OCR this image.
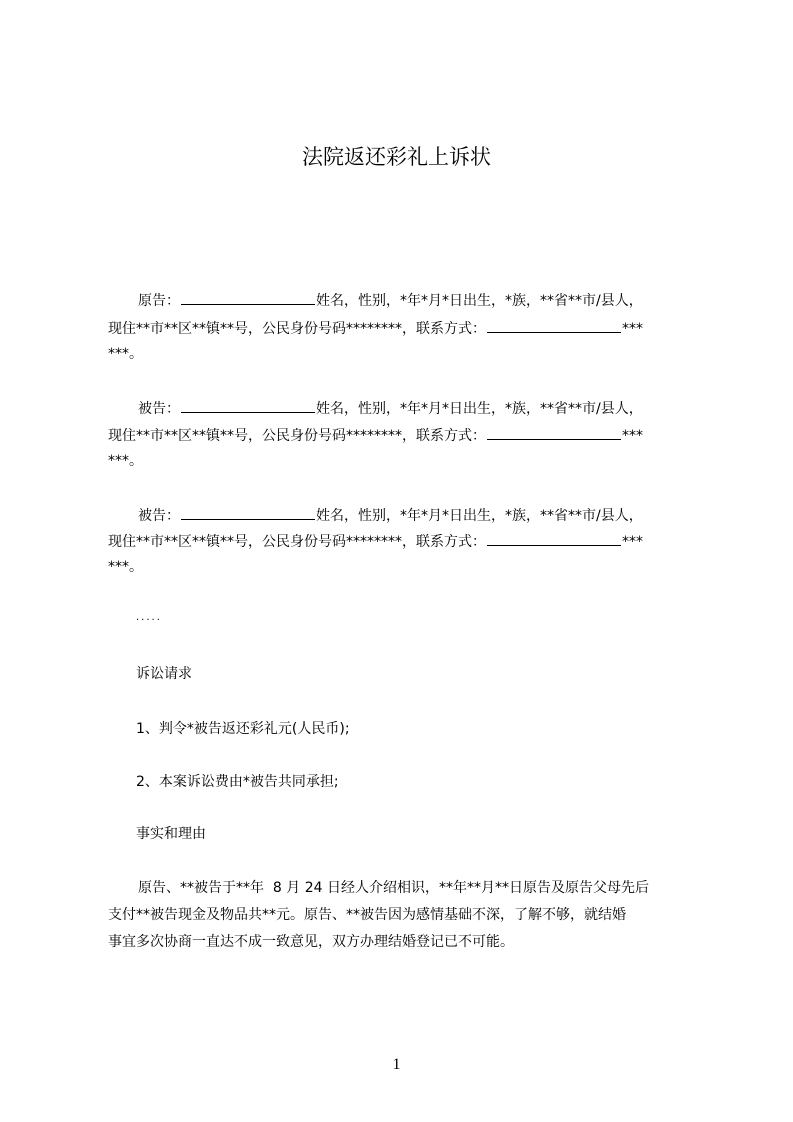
法院返还彩礼上诉状
原告：	姓名，性别，*年*月*日出生，*族，**省**市/县人，
现住**市**区**镇**号，公民身份号码********，联系方式：	***
***。
被告：	姓名，性别，*年*月*日出生，*族，**省**市/县人，
现住**市**区**镇**号，公民身份号码********，联系方式：	***
***。
被告：	姓名，性别，*年*月*日出生，*族，**省**市/县人，
现住**市**区**镇**号，公民身份号码********，联系方式：	***
***。
.....
诉讼请求
1、判令*被告返还彩礼元(人民币);
2、本案诉讼费由*被告共同承担;
事实和理由
原告、**被告于**年  8 月 24 日经人介绍相识，**年**月**日原告及原告父母先后
支付**被告现金及物品共**元。原告、**被告因为感情基础不深，了解不够，就结婚
事宜多次协商一直达不成一致意见，双方办理结婚登记已不可能。
1
